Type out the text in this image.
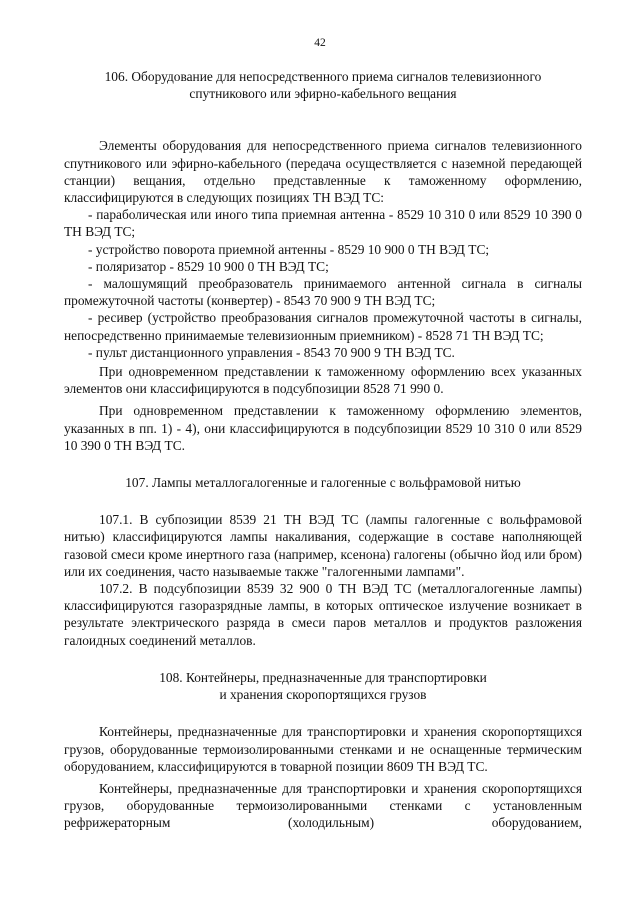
42

106. Оборудование для непосредственного приема сигналов телевизионного

спутникового или эфирно-кабельного вещания

Элементы оборудования для непосредственного приема сигналов телевизионного спутникового или эфирно-кабельного (передача осуществляется с наземной передающей станции) вещания, отдельно представленные к таможенному оформлению, классифицируются в следующих позициях ТН ВЭД ТС:

- параболическая или иного типа приемная антенна - 8529 10 310 0 или 8529 10 390 0 ТН ВЭД ТС;

- устройство поворота приемной антенны - 8529 10 900 0 ТН ВЭД ТС;

- поляризатор - 8529 10 900 0 ТН ВЭД ТС;

- малошумящий преобразователь принимаемого антенной сигнала в сигналы промежуточной частоты (конвертер) - 8543 70 900 9 ТН ВЭД ТС;

- ресивер (устройство преобразования сигналов промежуточной частоты в сигналы, непосредственно принимаемые телевизионным приемником) - 8528 71 ТН ВЭД ТС;

- пульт дистанционного управления - 8543 70 900 9 ТН ВЭД ТС.

При одновременном представлении к таможенному оформлению всех указанных элементов они классифицируются в подсубпозиции 8528 71 990 0.

При одновременном представлении к таможенному оформлению элементов, указанных в пп. 1) - 4), они классифицируются в подсубпозиции 8529 10 310 0 или 8529 10 390 0 ТН ВЭД ТС.

107. Лампы металлогалогенные и галогенные с вольфрамовой нитью

107.1. В субпозиции 8539 21 ТН ВЭД ТС (лампы галогенные с вольфрамовой нитью) классифицируются лампы накаливания, содержащие в составе наполняющей газовой смеси кроме инертного газа (например, ксенона) галогены (обычно йод или бром) или их соединения, часто называемые также "галогенными лампами".

107.2. В подсубпозиции 8539 32 900 0 ТН ВЭД ТС (металлогалогенные лампы) классифицируются газоразрядные лампы, в которых оптическое излучение возникает в результате электрического разряда в смеси паров металлов и продуктов разложения галоидных соединений металлов.

108. Контейнеры, предназначенные для транспортировки

и хранения скоропортящихся грузов

Контейнеры, предназначенные для транспортировки и хранения скоропортящихся грузов, оборудованные термоизолированными стенками и не оснащенные термическим оборудованием, классифицируются в товарной позиции 8609 ТН ВЭД ТС.

Контейнеры, предназначенные для транспортировки и хранения скоропортящихся грузов, оборудованные термоизолированными стенками с установленным рефрижераторным (холодильным) оборудованием,
